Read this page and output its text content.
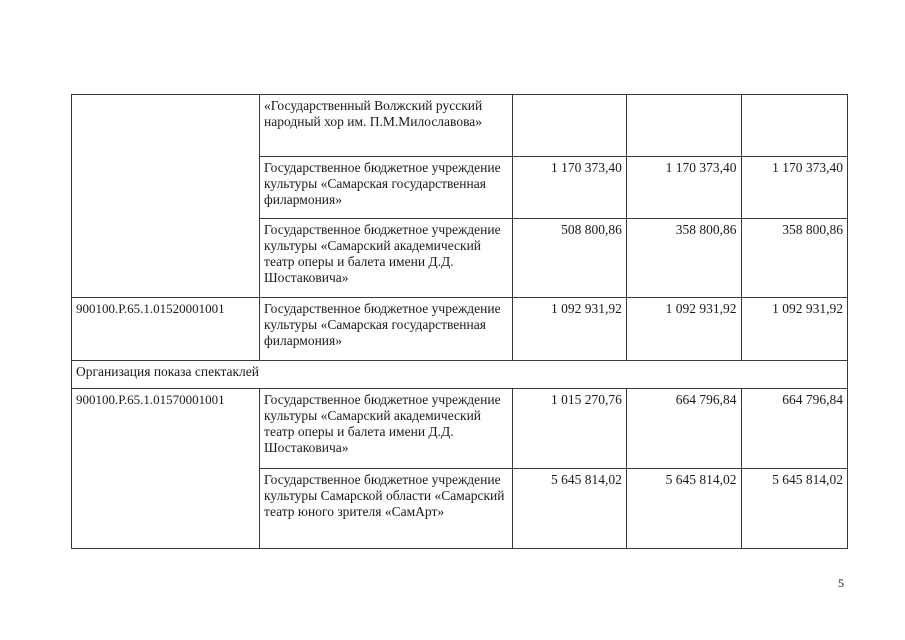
	«Государственный Волжский русский народный хор им. П.М.Милославова»			
	Государственное бюджетное учреждение культуры «Самарская государственная филармония»	1 170 373,40	1 170 373,40	1 170 373,40
	Государственное бюджетное учреждение культуры «Самарский академический театр оперы и балета имени Д.Д. Шостаковича»	508 800,86	358 800,86	358 800,86
900100.Р.65.1.01520001001	Государственное бюджетное учреждение культуры «Самарская государственная филармония»	1 092 931,92	1 092 931,92	1 092 931,92
Организация показа спектаклей				
900100.Р.65.1.01570001001	Государственное бюджетное учреждение культуры «Самарский академический театр оперы и балета имени Д.Д. Шостаковича»	1 015 270,76	664 796,84	664 796,84
	Государственное бюджетное учреждение культуры Самарской области «Самарский театр юного зрителя «СамАрт»	5 645 814,02	5 645 814,02	5 645 814,02
5
